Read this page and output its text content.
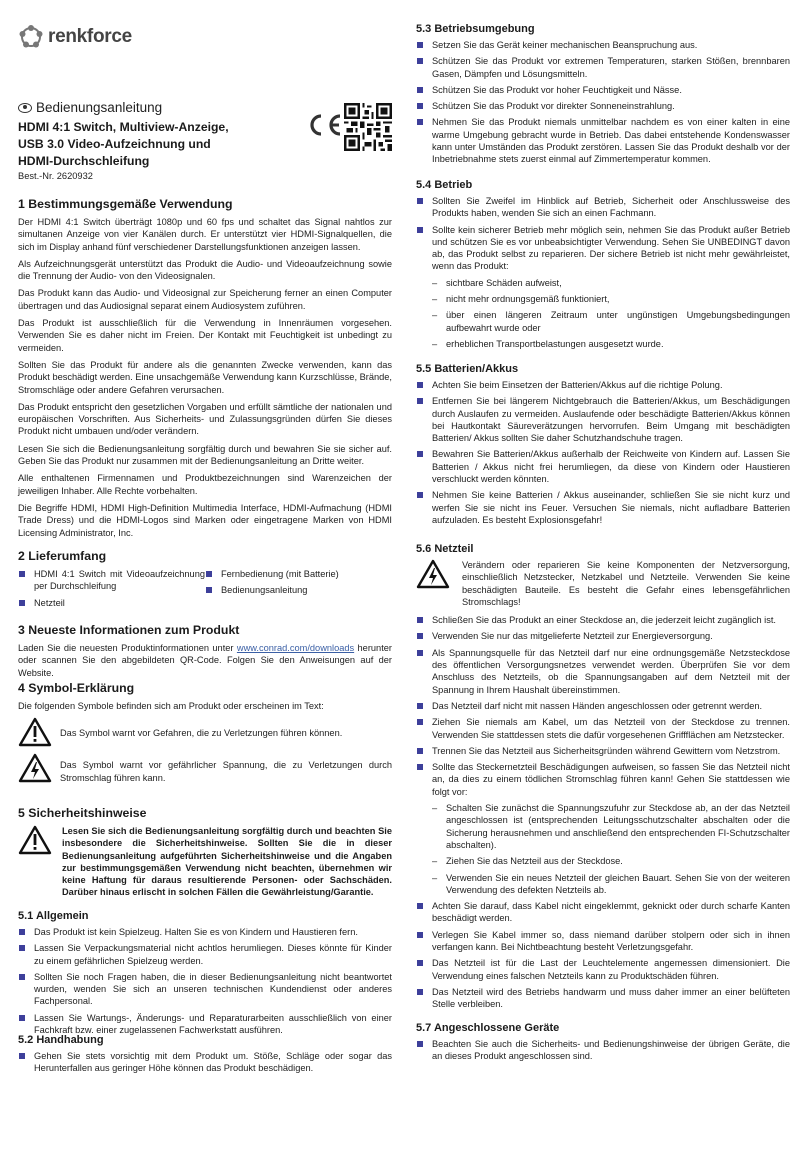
renkforce
Bedienungsanleitung
HDMI 4:1 Switch, Multiview-Anzeige, USB 3.0 Video-Aufzeichnung und HDMI-Durchschleifung
Best.-Nr. 2620932
1 Bestimmungsgemäße Verwendung

Der HDMI 4:1 Switch überträgt 1080p und 60 fps und schaltet das Signal nahtlos zur simultanen Anzeige von vier Kanälen durch. Er unterstützt vier HDMI-Signalquellen, die sich im Display anhand fünf verschiedener Darstellungsfunktionen anzeigen lassen.

Als Aufzeichnungsgerät unterstützt das Produkt die Audio- und Videoaufzeichnung sowie die Trennung der Audio- von den Videosignalen.

Das Produkt kann das Audio- und Videosignal zur Speicherung ferner an einen Computer übertragen und das Audiosignal separat einem Audiosystem zuführen.

Das Produkt ist ausschließlich für die Verwendung in Innenräumen vorgesehen. Verwenden Sie es daher nicht im Freien. Der Kontakt mit Feuchtigkeit ist unbedingt zu vermeiden.

Sollten Sie das Produkt für andere als die genannten Zwecke verwenden, kann das Produkt beschädigt werden. Eine unsachgemäße Verwendung kann Kurzschlüsse, Brände, Stromschläge oder andere Gefahren verursachen.

Das Produkt entspricht den gesetzlichen Vorgaben und erfüllt sämtliche der nationalen und europäischen Vorschriften. Aus Sicherheits- und Zulassungsgründen dürfen Sie dieses Produkt nicht umbauen und/oder verändern.

Lesen Sie sich die Bedienungsanleitung sorgfältig durch und bewahren Sie sie sicher auf. Geben Sie das Produkt nur zusammen mit der Bedienungsanleitung an Dritte weiter.

Alle enthaltenen Firmennamen und Produktbezeichnungen sind Warenzeichen der jeweiligen Inhaber. Alle Rechte vorbehalten.

Die Begriffe HDMI, HDMI High-Definition Multimedia Interface, HDMI-Aufmachung (HDMI Trade Dress) und die HDMI-Logos sind Marken oder eingetragene Marken von HDMI Licensing Administrator, Inc.

2 Lieferumfang
HDMI 4:1 Switch mit Videoaufzeichnung per Durchschleifung
Netzteil
Fernbedienung (mit Batterie)
Bedienungsanleitung
3 Neueste Informationen zum Produkt

Laden Sie die neuesten Produktinformationen unter www.conrad.com/downloads herunter oder scannen Sie den abgebildeten QR-Code. Folgen Sie den Anweisungen auf der Website.

4 Symbol-Erklärung

Die folgenden Symbole befinden sich am Produkt oder erscheinen im Text:

Das Symbol warnt vor Gefahren, die zu Verletzungen führen können.
Das Symbol warnt vor gefährlicher Spannung, die zu Verletzungen durch Stromschlag führen kann.
5 Sicherheitshinweise
Lesen Sie sich die Bedienungsanleitung sorgfältig durch und beachten Sie insbesondere die Sicherheitshinweise. Sollten Sie die in dieser Bedienungsanleitung aufgeführten Sicherheitshinweise und die Angaben zur bestimmungsgemäßen Verwendung nicht beachten, übernehmen wir keine Haftung für daraus resultierende Personen- oder Sachschäden. Darüber hinaus erlischt in solchen Fällen die Gewährleistung/Garantie.
5.1 Allgemein
Das Produkt ist kein Spielzeug. Halten Sie es von Kindern und Haustieren fern.
Lassen Sie Verpackungsmaterial nicht achtlos herumliegen. Dieses könnte für Kinder zu einem gefährlichen Spielzeug werden.
Sollten Sie noch Fragen haben, die in dieser Bedienungsanleitung nicht beantwortet wurden, wenden Sie sich an unseren technischen Kundendienst oder anderes Fachpersonal.
Lassen Sie Wartungs-, Änderungs- und Reparaturarbeiten ausschließlich von einer Fachkraft bzw. einer zugelassenen Fachwerkstatt ausführen.
5.2 Handhabung
Gehen Sie stets vorsichtig mit dem Produkt um. Stöße, Schläge oder sogar das Herunterfallen aus geringer Höhe können das Produkt beschädigen.
5.3 Betriebsumgebung
Setzen Sie das Gerät keiner mechanischen Beanspruchung aus.
Schützen Sie das Produkt vor extremen Temperaturen, starken Stößen, brennbaren Gasen, Dämpfen und Lösungsmitteln.
Schützen Sie das Produkt vor hoher Feuchtigkeit und Nässe.
Schützen Sie das Produkt vor direkter Sonneneinstrahlung.
Nehmen Sie das Produkt niemals unmittelbar nachdem es von einer kalten in eine warme Umgebung gebracht wurde in Betrieb. Das dabei entstehende Kondenswasser kann unter Umständen das Produkt zerstören. Lassen Sie das Produkt deshalb vor der Inbetriebnahme stets zuerst einmal auf Zimmertemperatur kommen.
5.4 Betrieb
Sollten Sie Zweifel im Hinblick auf Betrieb, Sicherheit oder Anschlussweise des Produkts haben, wenden Sie sich an einen Fachmann.
Sollte kein sicherer Betrieb mehr möglich sein, nehmen Sie das Produkt außer Betrieb und schützen Sie es vor unbeabsichtigter Verwendung. Sehen Sie UNBEDINGT davon ab, das Produkt selbst zu reparieren. Der sichere Betrieb ist nicht mehr gewährleistet, wenn das Produkt:
– sichtbare Schäden aufweist,
– nicht mehr ordnungsgemäß funktioniert,
– über einen längeren Zeitraum unter ungünstigen Umgebungsbedingungen aufbewahrt wurde oder
– erheblichen Transportbelastungen ausgesetzt wurde.
5.5 Batterien/Akkus
Achten Sie beim Einsetzen der Batterien/Akkus auf die richtige Polung.
Entfernen Sie bei längerem Nichtgebrauch die Batterien/Akkus, um Beschädigungen durch Auslaufen zu vermeiden. Auslaufende oder beschädigte Batterien/Akkus können bei Hautkontakt Säureverätzungen hervorrufen. Beim Umgang mit beschädigten Batterien/ Akkus sollten Sie daher Schutzhandschuhe tragen.
Bewahren Sie Batterien/Akkus außerhalb der Reichweite von Kindern auf. Lassen Sie Batterien / Akkus nicht frei herumliegen, da diese von Kindern oder Haustieren verschluckt werden könnten.
Nehmen Sie keine Batterien / Akkus auseinander, schließen Sie sie nicht kurz und werfen Sie sie nicht ins Feuer. Versuchen Sie niemals, nicht aufladbare Batterien aufzuladen. Es besteht Explosionsgefahr!
5.6 Netzteil
Verändern oder reparieren Sie keine Komponenten der Netzversorgung, einschließlich Netzstecker, Netzkabel und Netzteile. Verwenden Sie keine beschädigten Bauteile. Es besteht die Gefahr eines lebensgefährlichen Stromschlags!
Schließen Sie das Produkt an einer Steckdose an, die jederzeit leicht zugänglich ist.
Verwenden Sie nur das mitgelieferte Netzteil zur Energieversorgung.
Als Spannungsquelle für das Netzteil darf nur eine ordnungsgemäße Netzsteckdose des öffentlichen Versorgungsnetzes verwendet werden. Überprüfen Sie vor dem Anschluss des Netzteils, ob die Spannungsangaben auf dem Netzteil mit der Spannung in Ihrem Haushalt übereinstimmen.
Das Netzteil darf nicht mit nassen Händen angeschlossen oder getrennt werden.
Ziehen Sie niemals am Kabel, um das Netzteil von der Steckdose zu trennen. Verwenden Sie stattdessen stets die dafür vorgesehenen Griffflächen am Netzstecker.
Trennen Sie das Netzteil aus Sicherheitsgründen während Gewittern vom Netzstrom.
Sollte das Steckernetzteil Beschädigungen aufweisen, so fassen Sie das Netzteil nicht an, da dies zu einem tödlichen Stromschlag führen kann! Gehen Sie stattdessen wie folgt vor:
– Schalten Sie zunächst die Spannungszufuhr zur Steckdose ab, an der das Netzteil angeschlossen ist (entsprechenden Leitungsschutzschalter abschalten oder die Sicherung herausnehmen und anschließend den entsprechenden FI-Schutzschalter abschalten).
– Ziehen Sie das Netzteil aus der Steckdose.
– Verwenden Sie ein neues Netzteil der gleichen Bauart. Sehen Sie von der weiteren Verwendung des defekten Netzteils ab.
Achten Sie darauf, dass Kabel nicht eingeklemmt, geknickt oder durch scharfe Kanten beschädigt werden.
Verlegen Sie Kabel immer so, dass niemand darüber stolpern oder sich in ihnen verfangen kann. Bei Nichtbeachtung besteht Verletzungsgefahr.
Das Netzteil ist für die Last der Leuchtelemente angemessen dimensioniert. Die Verwendung eines falschen Netzteils kann zu Produktschäden führen.
Das Netzteil wird des Betriebs handwarm und muss daher immer an einer belüfteten Stelle verbleiben.
5.7 Angeschlossene Geräte
Beachten Sie auch die Sicherheits- und Bedienungshinweise der übrigen Geräte, die an dieses Produkt angeschlossen sind.
